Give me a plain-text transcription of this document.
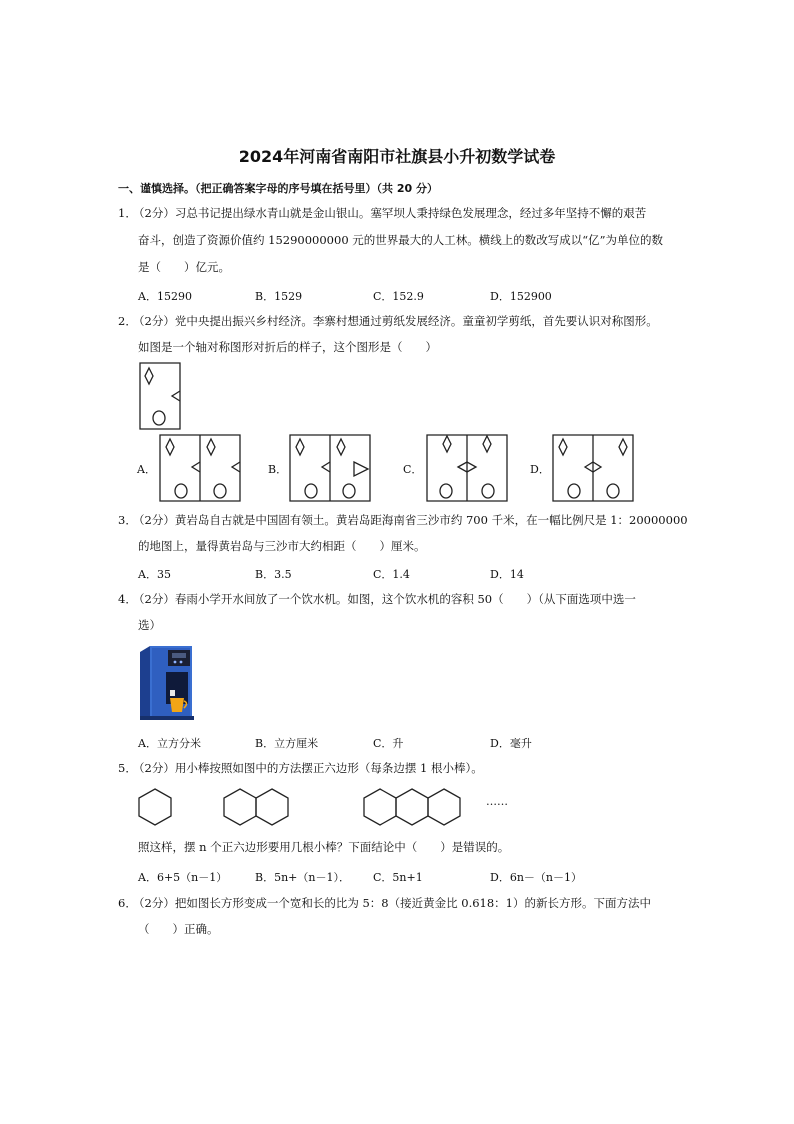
2024年河南省南阳市社旗县小升初数学试卷
一、谨慎选择。（把正确答案字母的序号填在括号里）（共 20 分）
1．
（2分）习总书记提出绿水青山就是金山银山。塞罕坝人秉持绿色发展理念，经过多年坚持不懈的艰苦
奋斗，创造了资源价值约 15290000000 元的世界最大的人工林。横线上的数改写成以“亿”为单位的数
是（　　）亿元。
A．15290	B．1529	C．152.9	D．152900
2．
（2分）党中央提出振兴乡村经济。李寨村想通过剪纸发展经济。童童初学剪纸，首先要认识对称图形。
如图是一个轴对称图形对折后的样子，这个图形是（　　）
A．	B．	C．	D．
3．
（2分）黄岩岛自古就是中国固有领土。黄岩岛距海南省三沙市约 700 千米，在一幅比例尺是 1：20000000
的地图上，量得黄岩岛与三沙市大约相距（　　）厘米。
A．35	B．3.5	C．1.4	D．14
4．
（2分）春雨小学开水间放了一个饮水机。如图，这个饮水机的容积 50（　　）（从下面选项中选一
选）
A．立方分米	B．立方厘米	C．升	D．毫升
5．
（2分）用小棒按照如图中的方法摆正六边形（每条边摆 1 根小棒）。
……
照这样，摆 n 个正六边形要用几根小棒？下面结论中（　　）是错误的。
A．6+5（n－1）	B．5n+（n－1）． C．5n+1	D．6n－（n－1）
6．
（2分）把如图长方形变成一个宽和长的比为 5：8（接近黄金比 0.618：1）的新长方形。下面方法中
（　　）正确。
